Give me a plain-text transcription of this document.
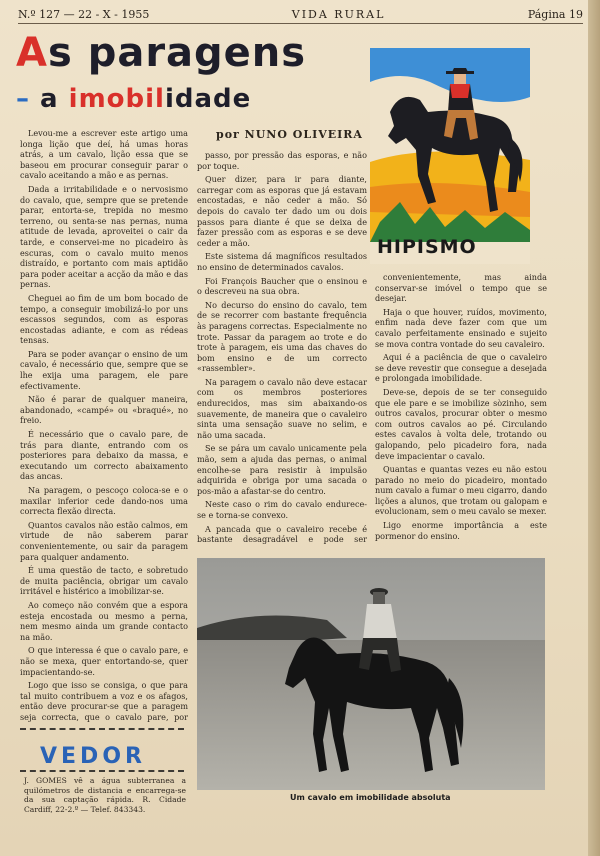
N.º 127 — 22 - X - 1955	VIDA RURAL	Página 19
As paragens
– a imobilidade
por NUNO OLIVEIRA
HIPISMO

Levou-me a escrever este artigo uma longa lição que deí, há umas horas atrás, a um cavalo, lição essa que se baseou em procurar conseguir parar o cavalo aceitando a mão e as pernas.

Dada a irritabilidade e o nervosismo do cavalo, que, sempre que se pretende parar, entorta-se, trepida no mesmo terreno, ou senta-se nas pernas, numa atitude de levada, aproveitei o cair da tarde, e conservei-me no picadeiro às escuras, com o cavalo muito menos distraído, e portanto com mais aptidão para poder aceitar a acção da mão e das pernas.

Cheguei ao fim de um bom bocado de tempo, a conseguir imobilizá-lo por uns escassos segundos, com as esporas encostadas adiante, e com as rédeas tensas.

Para se poder avançar o ensino de um cavalo, é necessário que, sempre que se lhe exija uma paragem, ele pare efectivamente.

Não é parar de qualquer maneira, abandonado, «campé» ou «braqué», no freio.

É necessário que o cavalo pare, de trás para diante, entrando com os posteriores para debaixo da massa, e executando um correcto abaixamento das ancas.

Na paragem, o pescoço coloca-se e o maxilar inferior cede dando-nos uma correcta flexão directa.

Quantos cavalos não estão calmos, em virtude de não saberem parar convenientemente, ou sair da paragem para qualquer andamento.

É uma questão de tacto, e sobretudo de muita paciência, obrigar um cavalo irritável e histérico a imobilizar-se.

Ao começo não convém que a espora esteja encostada ou mesmo a perna, nem mesmo ainda um grande contacto na mão.

O que interessa é que o cavalo pare, e não se mexa, quer entortando-se, quer impacientando-se.

Logo que isso se consiga, o que para tal muito contribuem a voz e os afagos, então deve procurar-se que a paragem seja correcta, que o cavalo pare, por

passo, por pressão das esporas, e não por toque.

Quer dizer, para ir para diante, carregar com as esporas que já estavam encostadas, e não ceder a mão. Só depois do cavalo ter dado um ou dois passos para diante é que se deixa de fazer pressão com as esporas e se deve ceder a mão.

Este sistema dá magníficos resultados no ensino de determinados cavalos.

Foi François Baucher que o ensinou e o descreveu na sua obra.

No decurso do ensino do cavalo, tem de se recorrer com bastante frequência às paragens correctas. Especialmente no trote. Passar da paragem ao trote e do trote à paragem, eis uma das chaves do bom ensino e de um correcto «rassembler».

Na paragem o cavalo não deve estacar com os membros posteriores endurecidos, mas sim abaixando-os suavemente, de maneira que o cavaleiro sinta uma sensação suave no selim, e não uma sacada.

Se se pára um cavalo unicamente pela mão, sem a ajuda das pernas, o animal encolhe-se para resistir à impulsão adquirida e obriga por uma sacada o pos-mão a afastar-se do centro.

Neste caso o rim do cavalo endurece-se e torna-se convexo.

A pancada que o cavaleiro recebe é bastante desagradável e pode ser

convenientemente, mas ainda conservar-se imóvel o tempo que se desejar.

Haja o que houver, ruídos, movimento, enfim nada deve fazer com que um cavalo perfeitamente ensinado e sujeito se mova contra vontade do seu cavaleiro.

Aqui é a paciência de que o cavaleiro se deve revestir que consegue a desejada e prolongada imobilidade.

Deve-se, depois de se ter conseguido que ele pare e se imobilize sòzinho, sem outros cavalos, procurar obter o mesmo com outros cavalos ao pé. Circulando estes cavalos à volta dele, trotando ou galopando, pelo picadeiro fora, nada deve impacientar o cavalo.

Quantas e quantas vezes eu não estou parado no meio do picadeiro, montado num cavalo a fumar o meu cigarro, dando lições a alunos, que trotam ou galopam e evolucionam, sem o meu cavalo se mexer.

Ligo enorme importância a este pormenor do ensino.

Um cavalo em imobilidade absoluta
VEDOR
J. GOMES vê a água subterranea a quilómetros de distancia e encarrega-se da sua captação rápida. R. Cidade Cardiff, 22-2.º — Telef. 843343.
